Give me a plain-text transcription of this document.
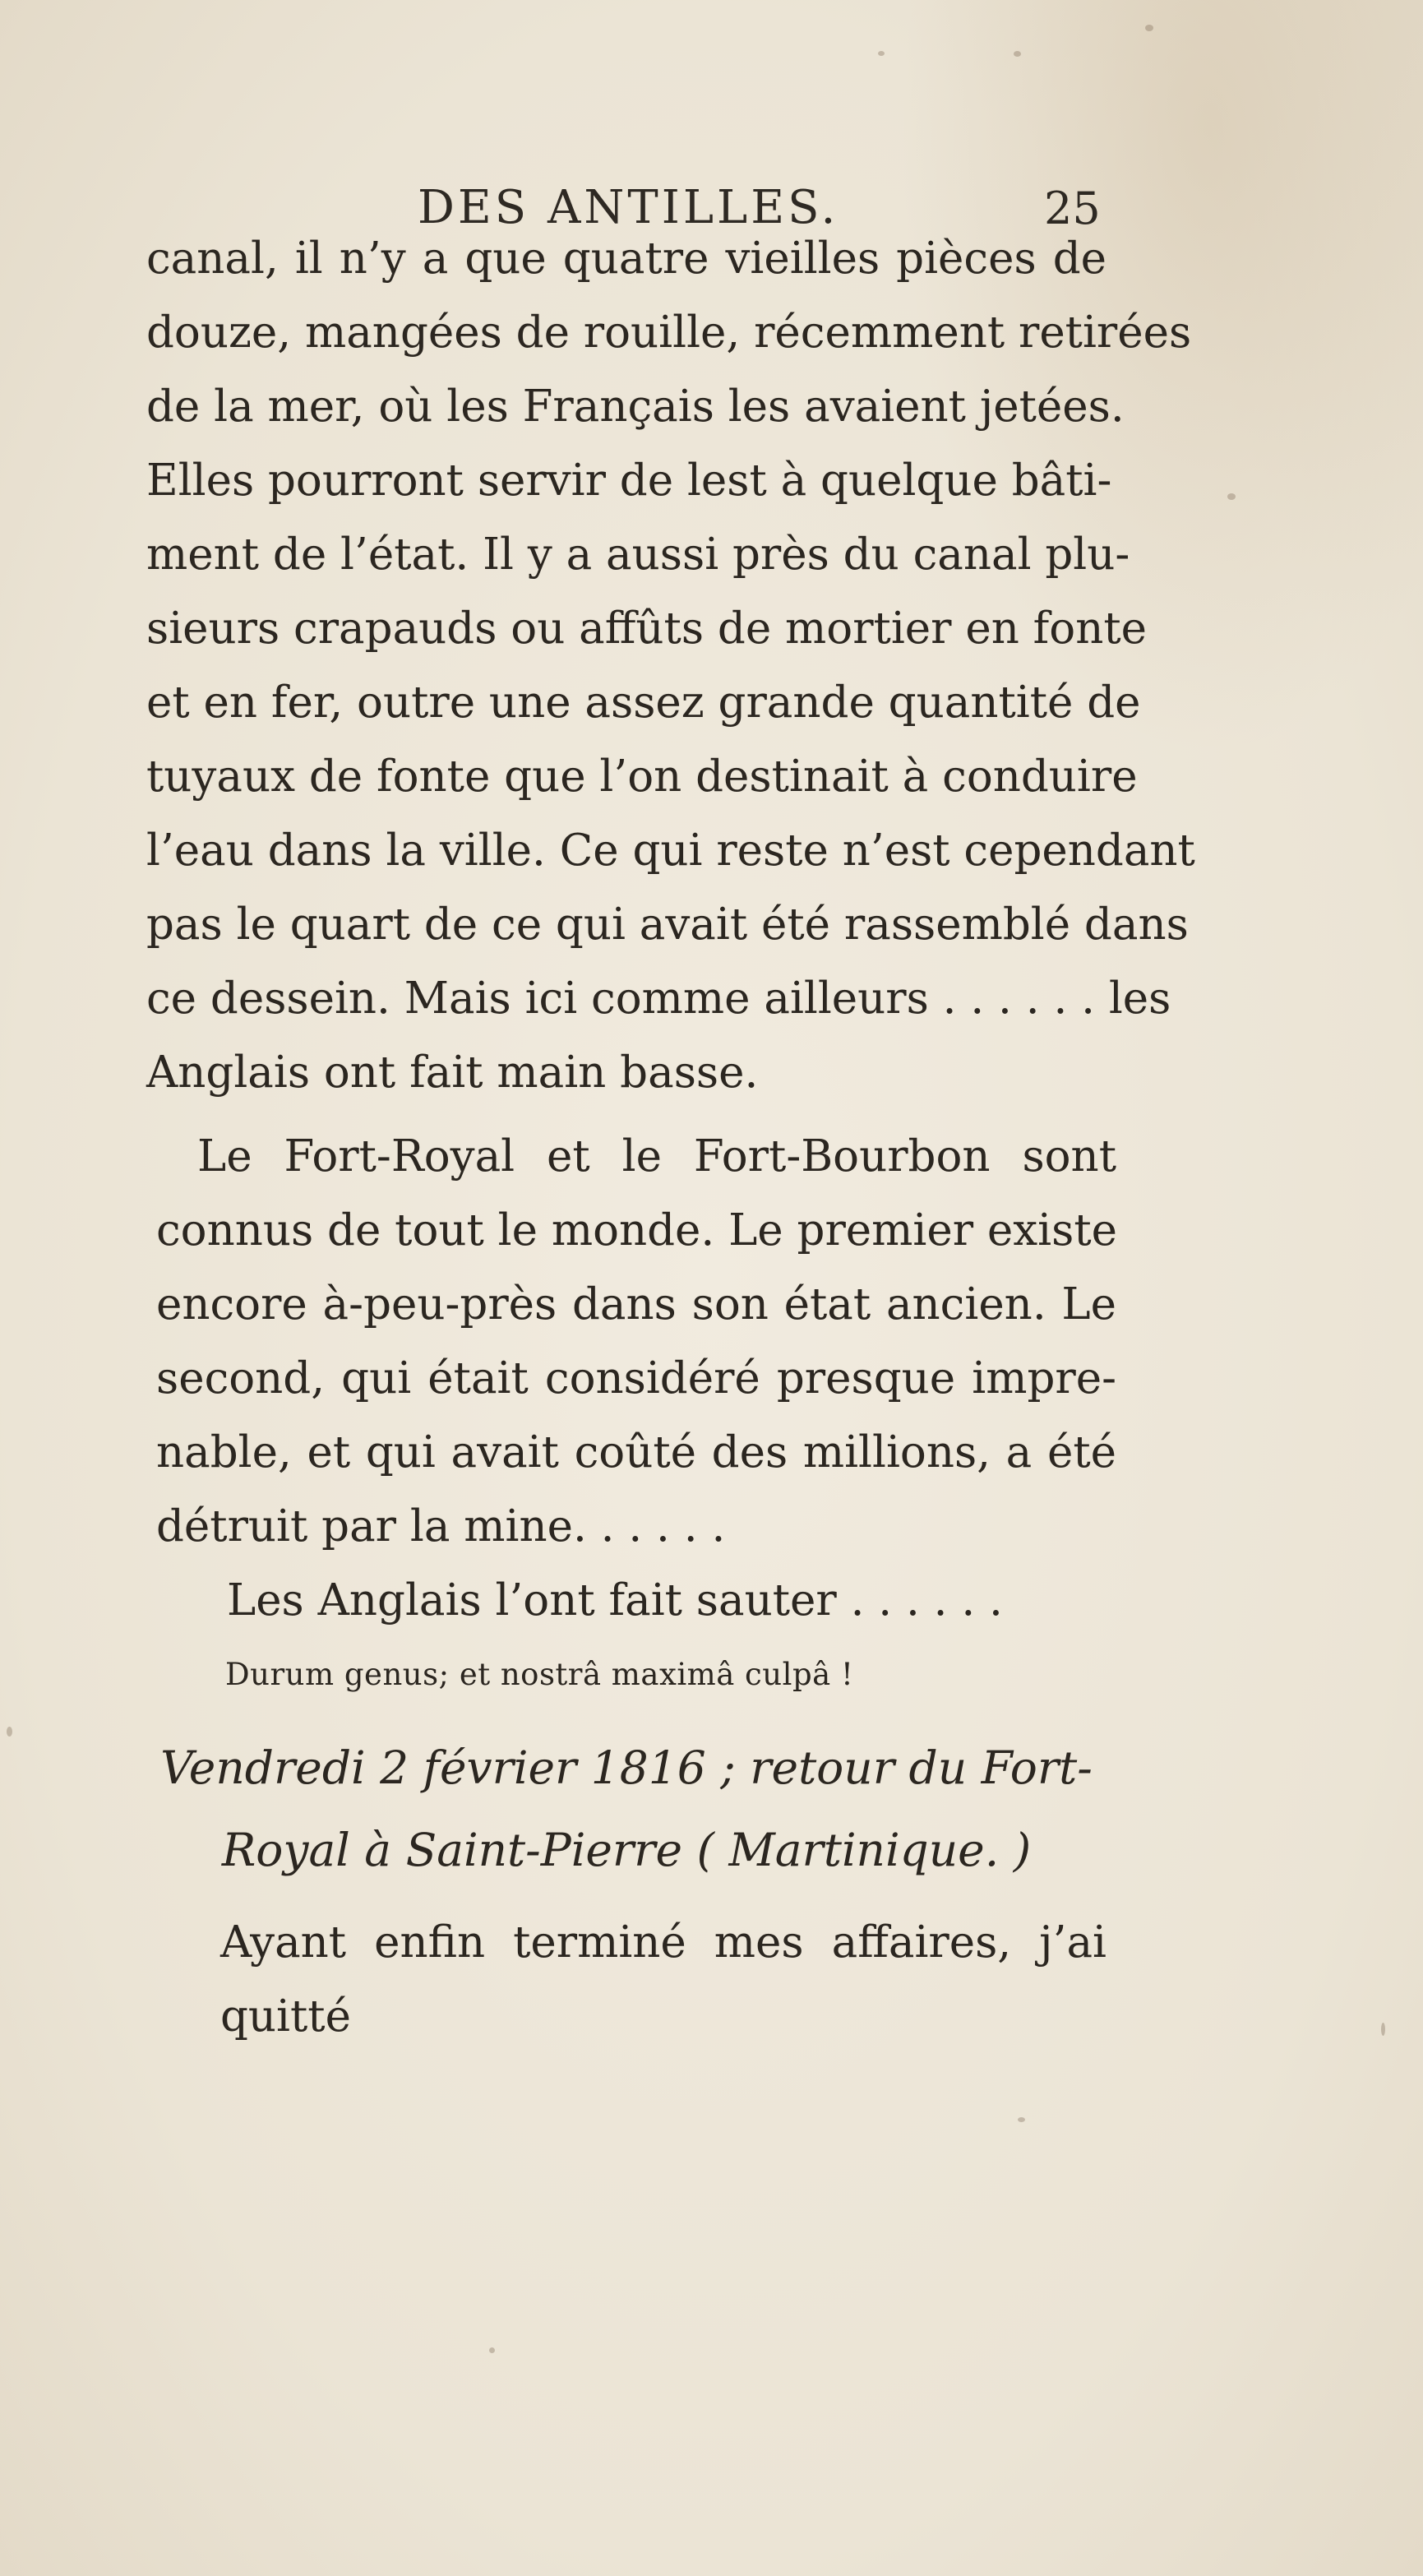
DES ANTILLES.	25
canal, il n’y a que quatre vieilles pièces de
douze, mangées de rouille, récemment retirées
de la mer, où les Français les avaient jetées.
Elles pourront servir de lest à quelque bâti-
ment de l’état. Il y a aussi près du canal plu-
sieurs crapauds ou affûts de mortier en fonte
et en fer, outre une assez grande quantité de
tuyaux de fonte que l’on destinait à conduire
l’eau dans la ville. Ce qui reste n’est cependant
pas le quart de ce qui avait été rassemblé dans
ce dessein. Mais ici comme ailleurs . . . . . . les
Anglais ont fait main basse.
Le Fort-Royal et le Fort-Bourbon sont
connus de tout le monde. Le premier existe
encore à-peu-près dans son état ancien. Le
second, qui était considéré presque impre-
nable, et qui avait coûté des millions, a été
détruit par la mine. . . . . .
Les Anglais l’ont fait sauter . . . . . .
Durum genus; et nostrâ maximâ culpâ !
Vendredi 2 février 1816 ; retour du Fort-
Royal à Saint-Pierre ( Martinique. )
Ayant enfin terminé mes affaires, j’ai quitté
